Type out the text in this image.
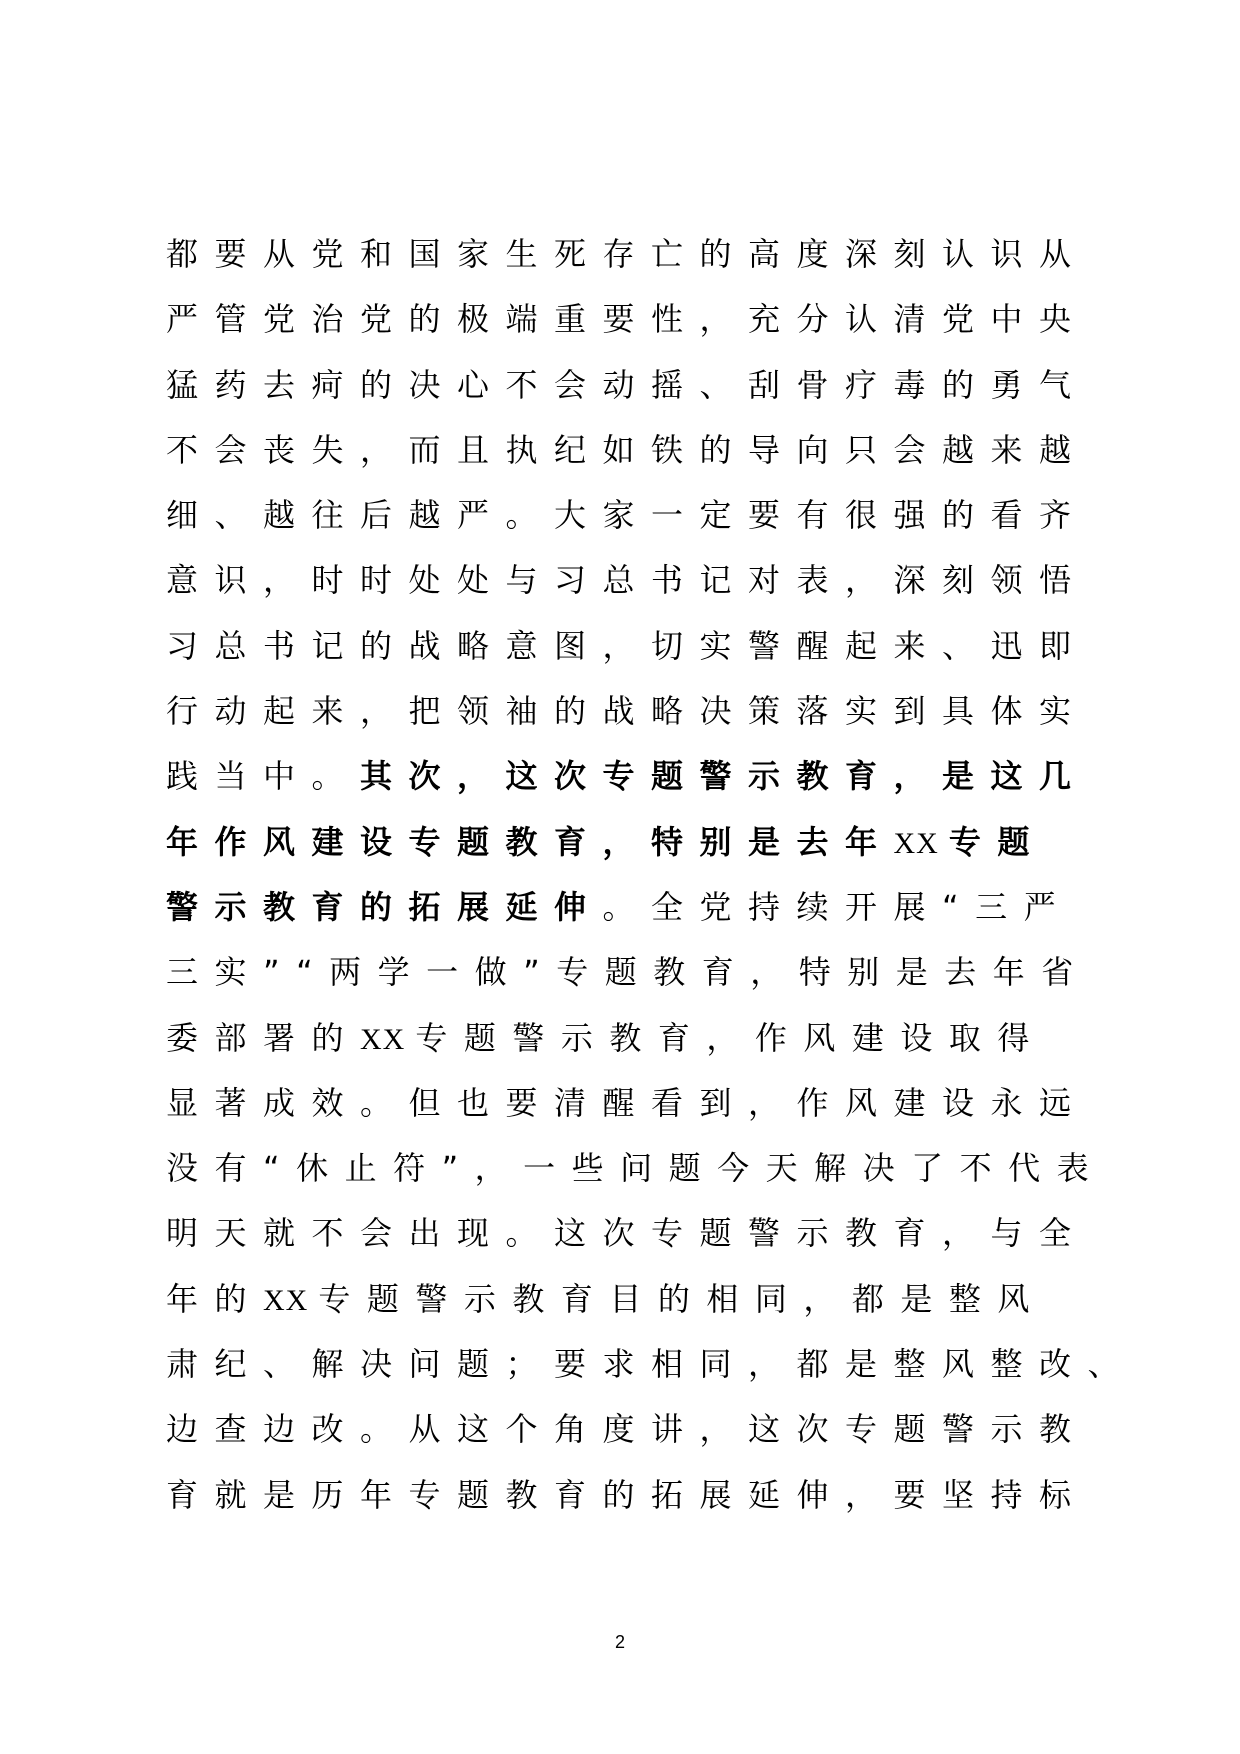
都要从党和国家生死存亡的高度深刻认识从
严管党治党的极端重要性，充分认清党中央
猛药去疴的决心不会动摇、刮骨疗毒的勇气
不会丧失，而且执纪如铁的导向只会越来越
细、越往后越严。大家一定要有很强的看齐
意识，时时处处与习总书记对表，深刻领悟
习总书记的战略意图，切实警醒起来、迅即
行动起来，把领袖的战略决策落实到具体实
践当中。其次，这次专题警示教育，是这几
年作风建设专题教育，特别是去年XX 专题
警示教育的拓展延伸。全党持续开展“三严
三实”“两学一做”专题教育，特别是去年省
委部署的XX 专题警示教育，作风建设取得
显著成效。但也要清醒看到，作风建设永远
没有“休止符”，一些问题今天解决了不代表
明天就不会出现。这次专题警示教育，与全
年的XX 专题警示教育目的相同，都是整风
肃纪、解决问题；要求相同，都是整风整改、
边查边改。从这个角度讲，这次专题警示教
育就是历年专题教育的拓展延伸，要坚持标
2
